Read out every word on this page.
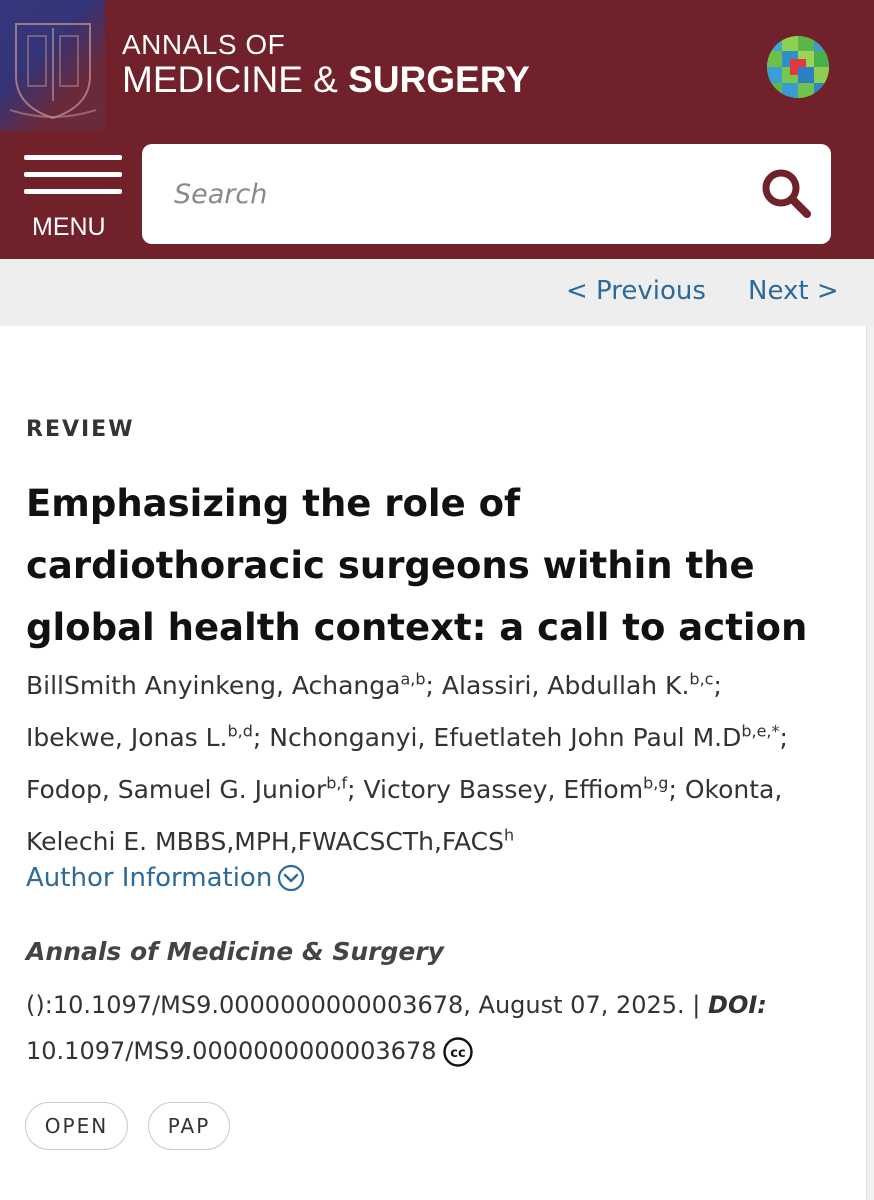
ANNALS OF
MEDICINE & SURGERY
MENU
Search
< Previous Next >
REVIEW
Emphasizing the role of cardiothoracic surgeons within the global health context: a call to action
BillSmith Anyinkeng, Achanga$^{a,b}$; Alassiri, Abdullah K.$^{b,c}$; Ibekwe, Jonas L.$^{b,d}$; Nchonganyi, Efuetlateh John Paul $M.D^{b,e,*}$; Fodop, Samuel G. Junior$^{b,f}$; Victory Bassey, Effiom$^{b,g}$; Okonta, Kelechi E. MBBS,MPH,FWACSCTh,FACS$^h$
Author Information
Annals of Medicine & Surgery
():10.1097/MS9.0000000000003678, August 07, 2025. | DOI:
10.1097/MS9.0000000000003678 cc
OPEN	PAP
